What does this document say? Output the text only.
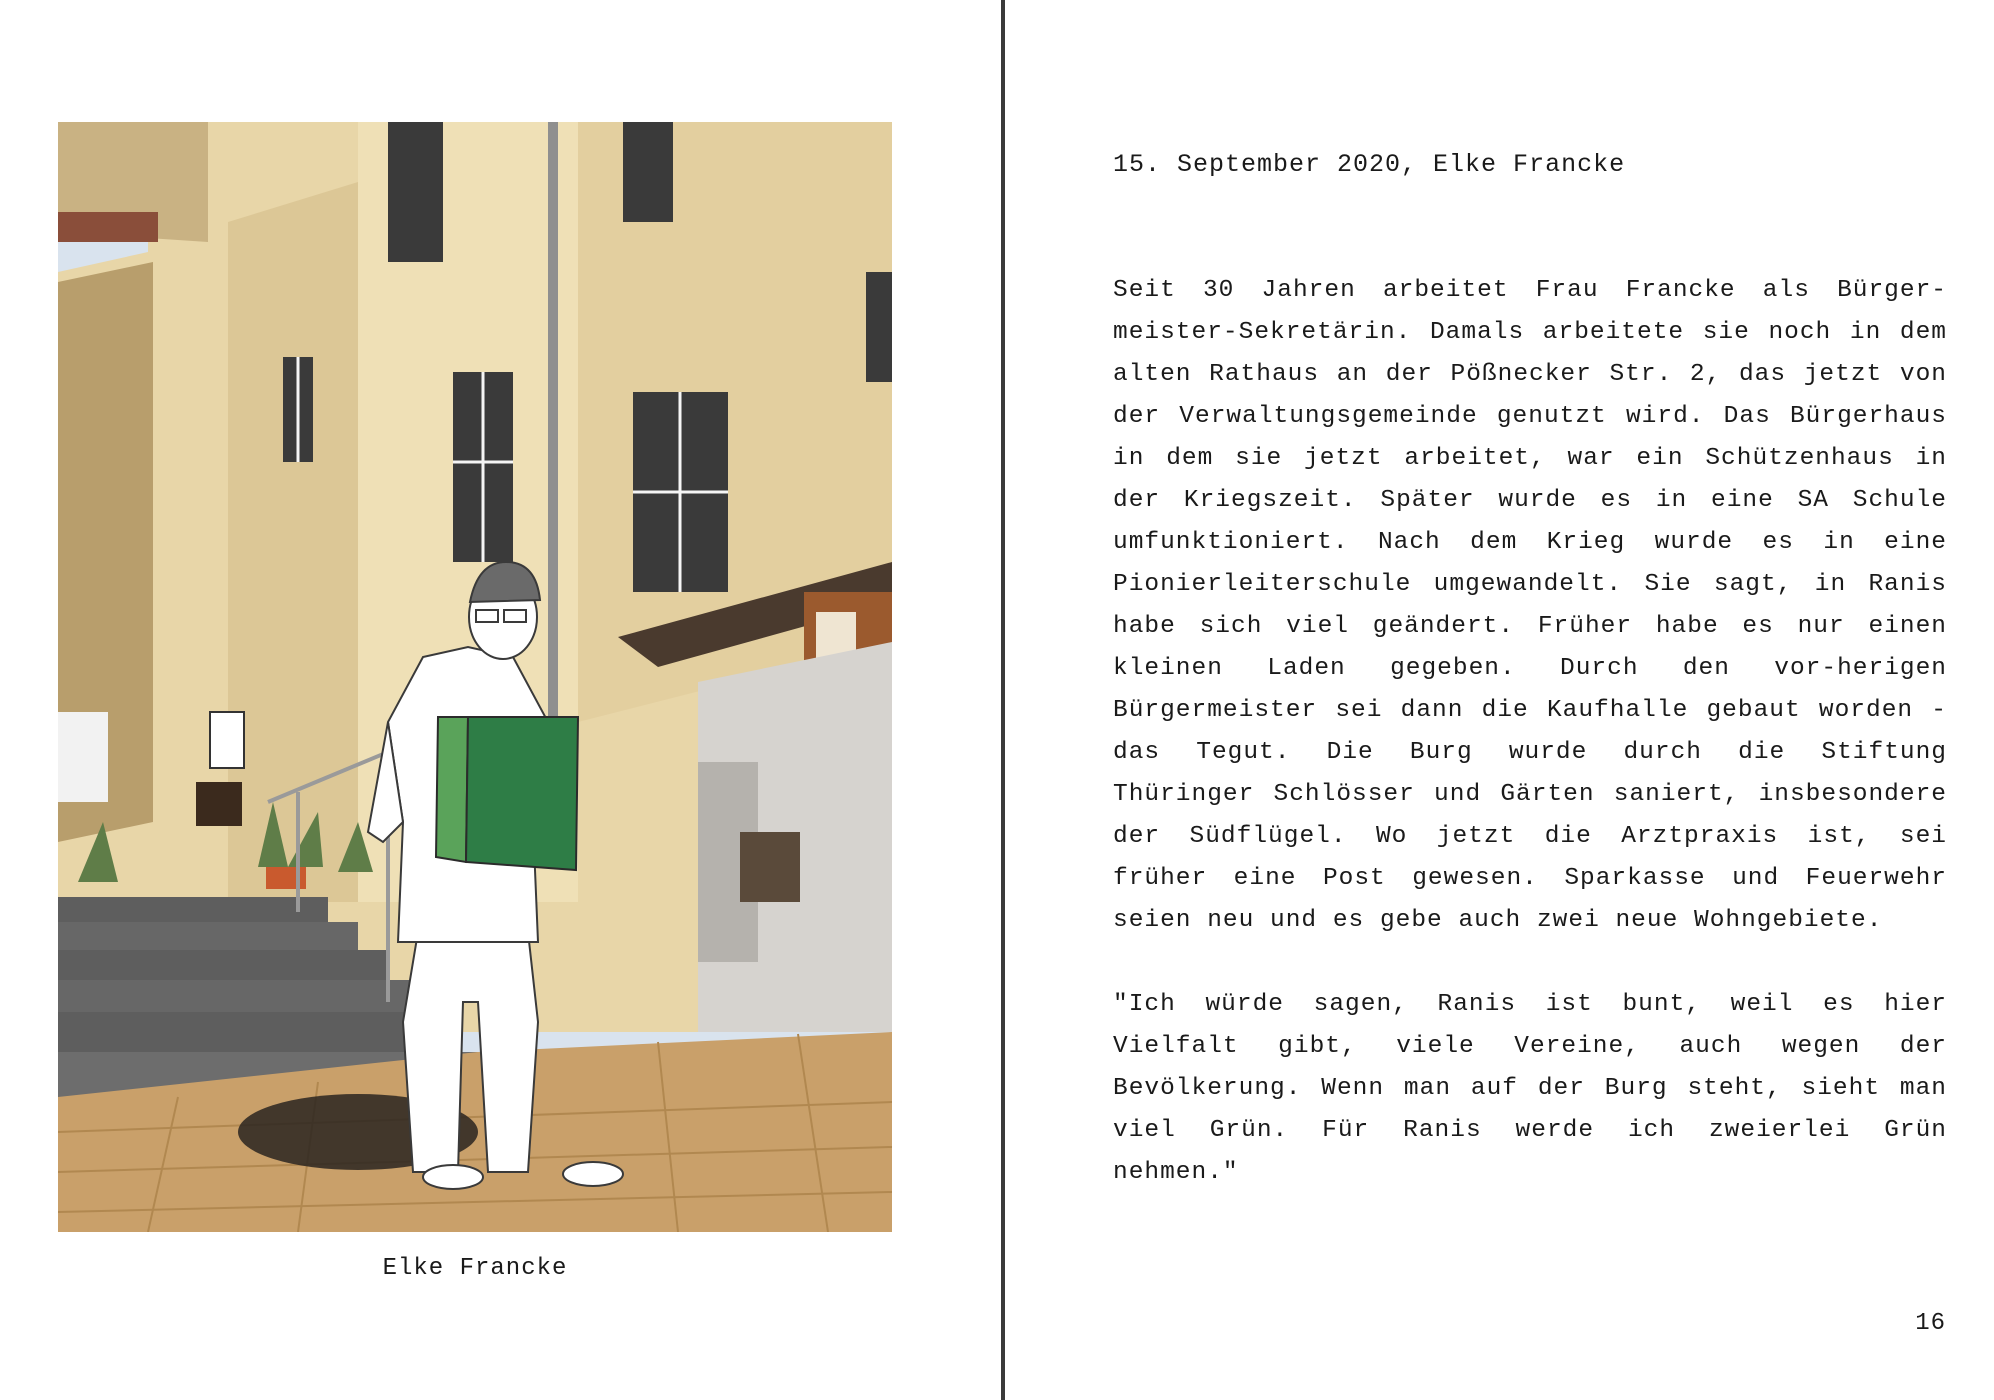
Elke Francke
15. September 2020, Elke Francke

Seit 30 Jahren arbeitet Frau Francke als Bürger-meister-Sekretärin. Damals arbeitete sie noch in dem alten Rathaus an der Pößnecker Str. 2, das jetzt von der Verwaltungsgemeinde genutzt wird. Das Bürgerhaus in dem sie jetzt arbeitet, war ein Schützenhaus in der Kriegszeit. Später wurde es in eine SA Schule umfunktioniert. Nach dem Krieg wurde es in eine Pionierleiterschule umgewandelt. Sie sagt, in Ranis habe sich viel geändert. Früher habe es nur einen kleinen Laden gegeben. Durch den vor-herigen Bürgermeister sei dann die Kaufhalle gebaut worden - das Tegut. Die Burg wurde durch die Stiftung Thüringer Schlösser und Gärten saniert, insbesondere der Südflügel. Wo jetzt die Arztpraxis ist, sei früher eine Post gewesen. Sparkasse und Feuerwehr seien neu und es gebe auch zwei neue Wohngebiete.

"Ich würde sagen, Ranis ist bunt, weil es hier Vielfalt gibt, viele Vereine, auch wegen der Bevölkerung. Wenn man auf der Burg steht, sieht man viel Grün. Für Ranis werde ich zweierlei Grün nehmen."

16
